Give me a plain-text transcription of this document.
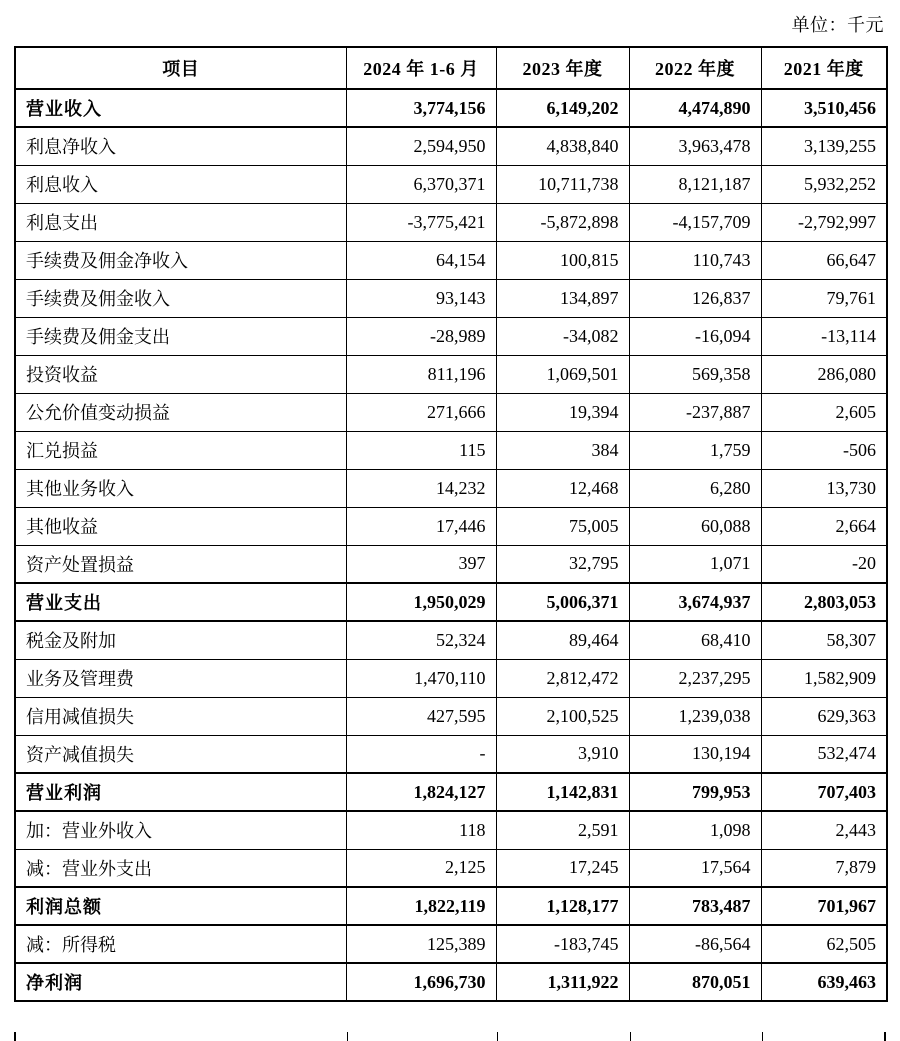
单位：千元
项目	2024 年 1-6 月	2023 年度	2022 年度	2021 年度
营业收入	3,774,156	6,149,202	4,474,890	3,510,456
利息净收入	2,594,950	4,838,840	3,963,478	3,139,255
利息收入	6,370,371	10,711,738	8,121,187	5,932,252
利息支出	-3,775,421	-5,872,898	-4,157,709	-2,792,997
手续费及佣金净收入	64,154	100,815	110,743	66,647
手续费及佣金收入	93,143	134,897	126,837	79,761
手续费及佣金支出	-28,989	-34,082	-16,094	-13,114
投资收益	811,196	1,069,501	569,358	286,080
公允价值变动损益	271,666	19,394	-237,887	2,605
汇兑损益	115	384	1,759	-506
其他业务收入	14,232	12,468	6,280	13,730
其他收益	17,446	75,005	60,088	2,664
资产处置损益	397	32,795	1,071	-20
营业支出	1,950,029	5,006,371	3,674,937	2,803,053
税金及附加	52,324	89,464	68,410	58,307
业务及管理费	1,470,110	2,812,472	2,237,295	1,582,909
信用减值损失	427,595	2,100,525	1,239,038	629,363
资产减值损失	-	3,910	130,194	532,474
营业利润	1,824,127	1,142,831	799,953	707,403
加：营业外收入	118	2,591	1,098	2,443
减：营业外支出	2,125	17,245	17,564	7,879
利润总额	1,822,119	1,128,177	783,487	701,967
减：所得税	125,389	-183,745	-86,564	62,505
净利润	1,696,730	1,311,922	870,051	639,463
